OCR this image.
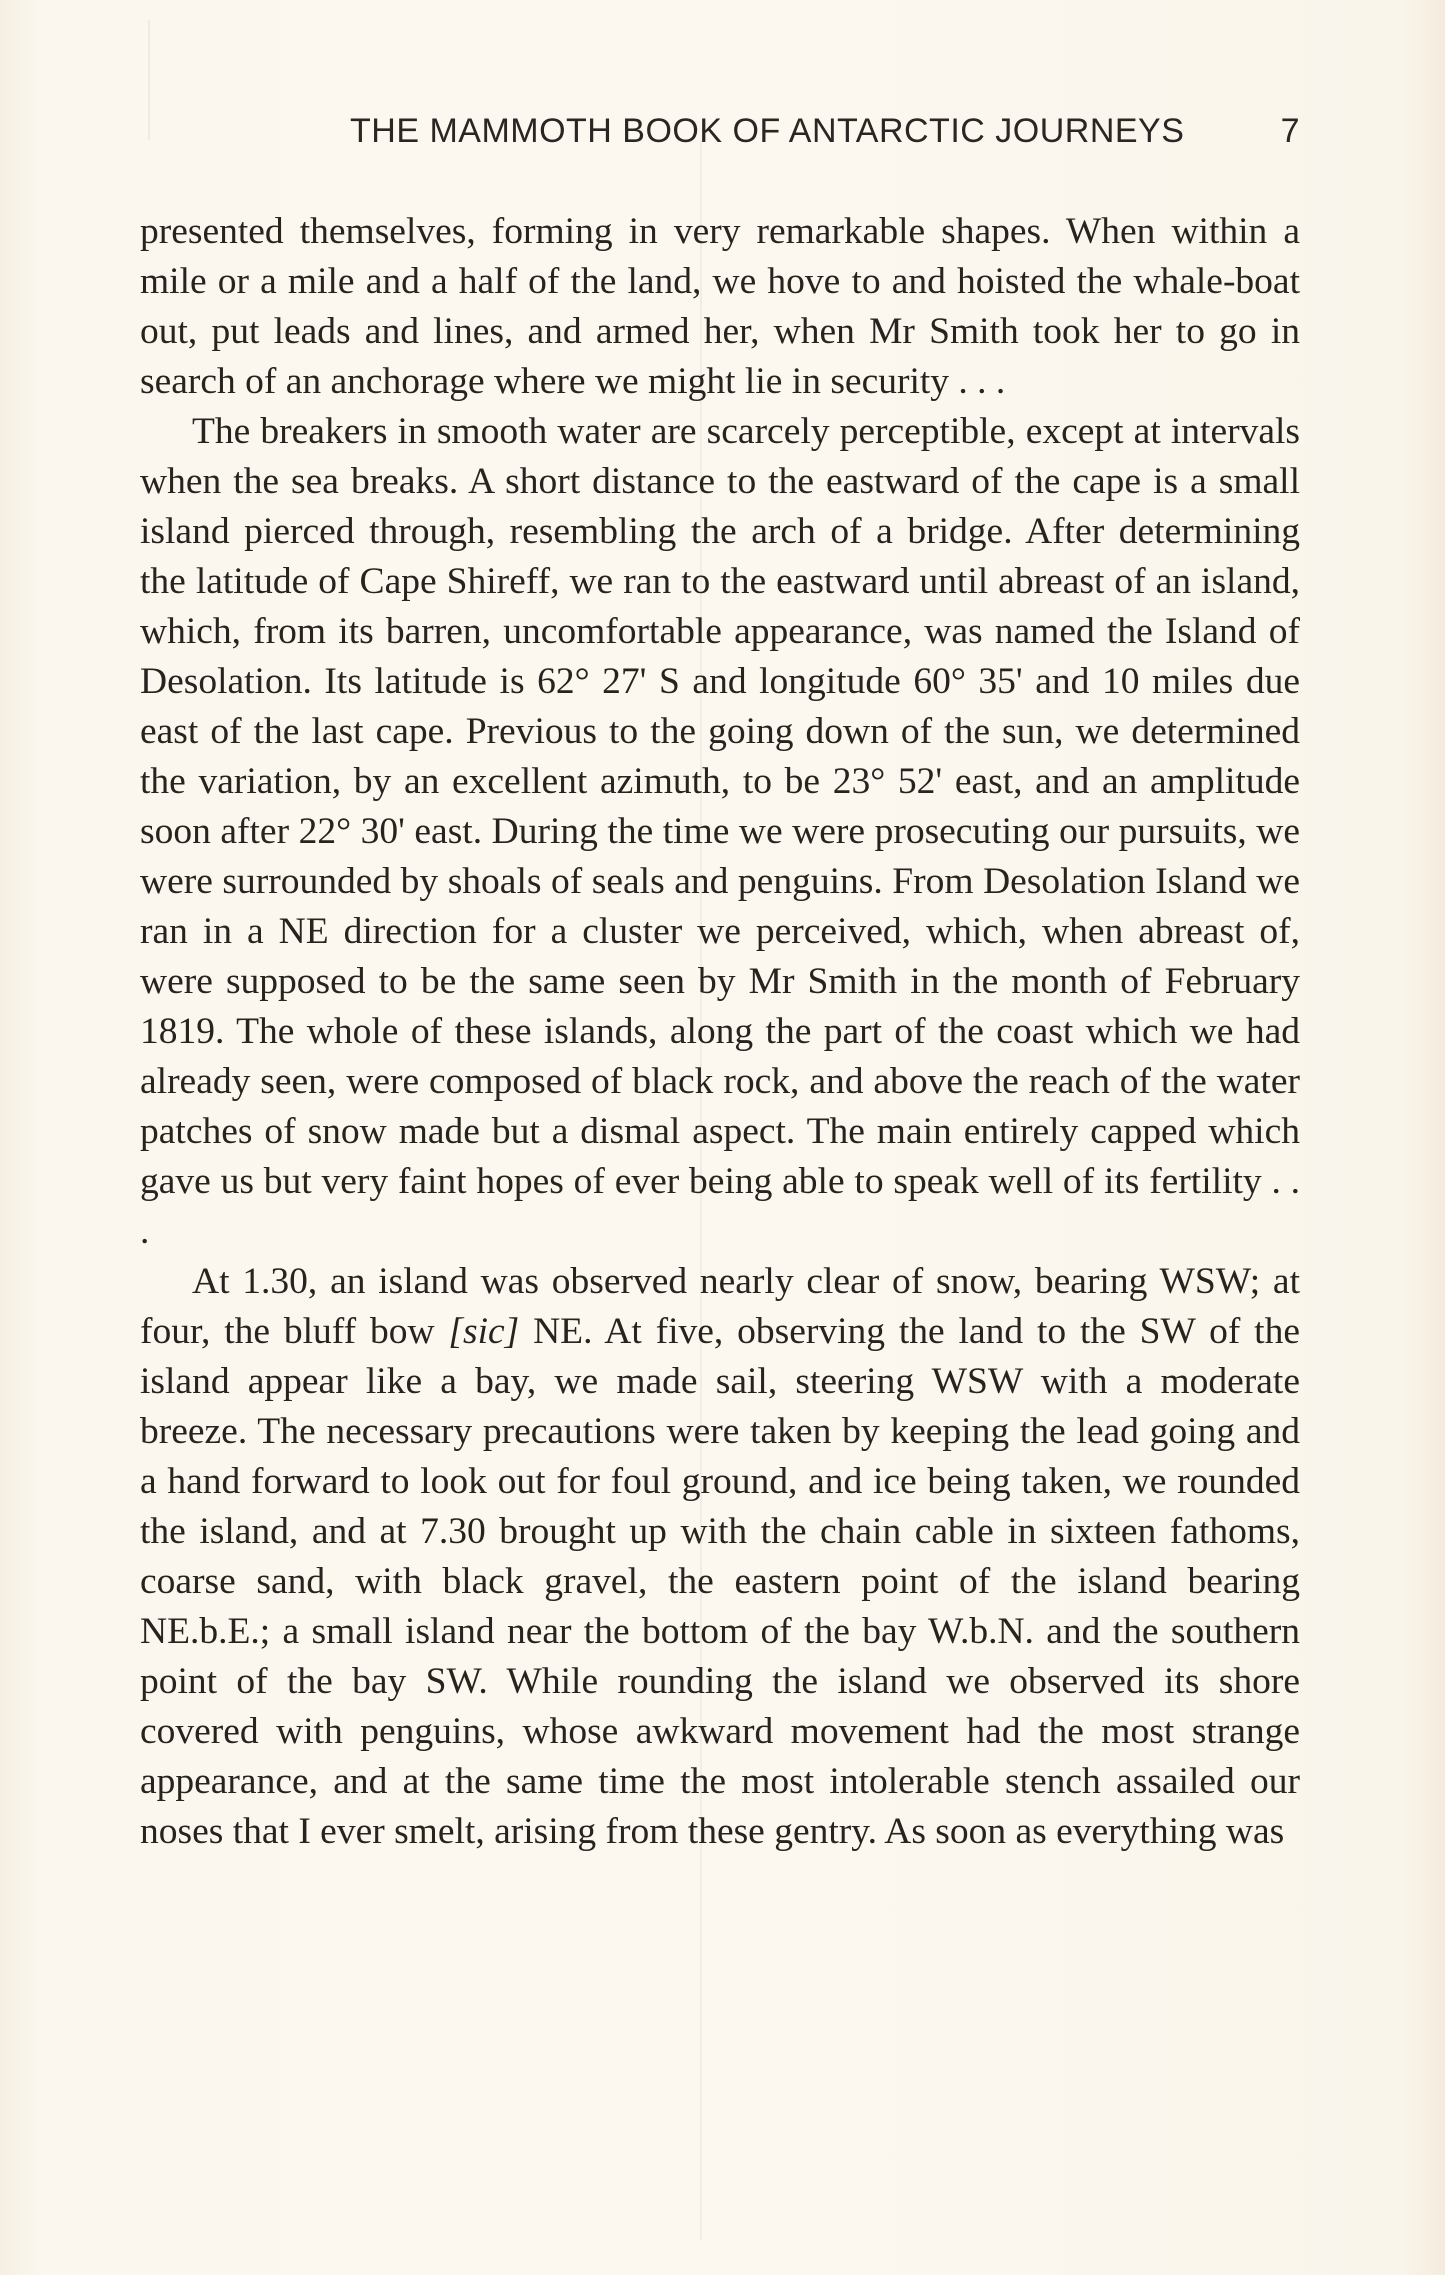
THE MAMMOTH BOOK OF ANTARCTIC JOURNEYS	7

presented themselves, forming in very remarkable shapes. When within a mile or a mile and a half of the land, we hove to and hoisted the whale-boat out, put leads and lines, and armed her, when Mr Smith took her to go in search of an anchorage where we might lie in security . . .

The breakers in smooth water are scarcely perceptible, except at intervals when the sea breaks. A short distance to the eastward of the cape is a small island pierced through, resembling the arch of a bridge. After determining the latitude of Cape Shireff, we ran to the eastward until abreast of an island, which, from its barren, uncomfortable appearance, was named the Island of Desolation. Its latitude is 62° 27' S and longitude 60° 35' and 10 miles due east of the last cape. Previous to the going down of the sun, we determined the variation, by an excellent azimuth, to be 23° 52' east, and an amplitude soon after 22° 30' east. During the time we were prosecuting our pursuits, we were surrounded by shoals of seals and penguins. From Desolation Island we ran in a NE direction for a cluster we perceived, which, when abreast of, were supposed to be the same seen by Mr Smith in the month of February 1819. The whole of these islands, along the part of the coast which we had already seen, were composed of black rock, and above the reach of the water patches of snow made but a dismal aspect. The main entirely capped which gave us but very faint hopes of ever being able to speak well of its fertility . . .

At 1.30, an island was observed nearly clear of snow, bearing WSW; at four, the bluff bow [sic] NE. At five, observing the land to the SW of the island appear like a bay, we made sail, steering WSW with a moderate breeze. The necessary precautions were taken by keeping the lead going and a hand forward to look out for foul ground, and ice being taken, we rounded the island, and at 7.30 brought up with the chain cable in sixteen fathoms, coarse sand, with black gravel, the eastern point of the island bearing NE.b.E.; a small island near the bottom of the bay W.b.N. and the southern point of the bay SW. While rounding the island we observed its shore covered with penguins, whose awkward movement had the most strange appearance, and at the same time the most intolerable stench assailed our noses that I ever smelt, arising from these gentry. As soon as everything was
